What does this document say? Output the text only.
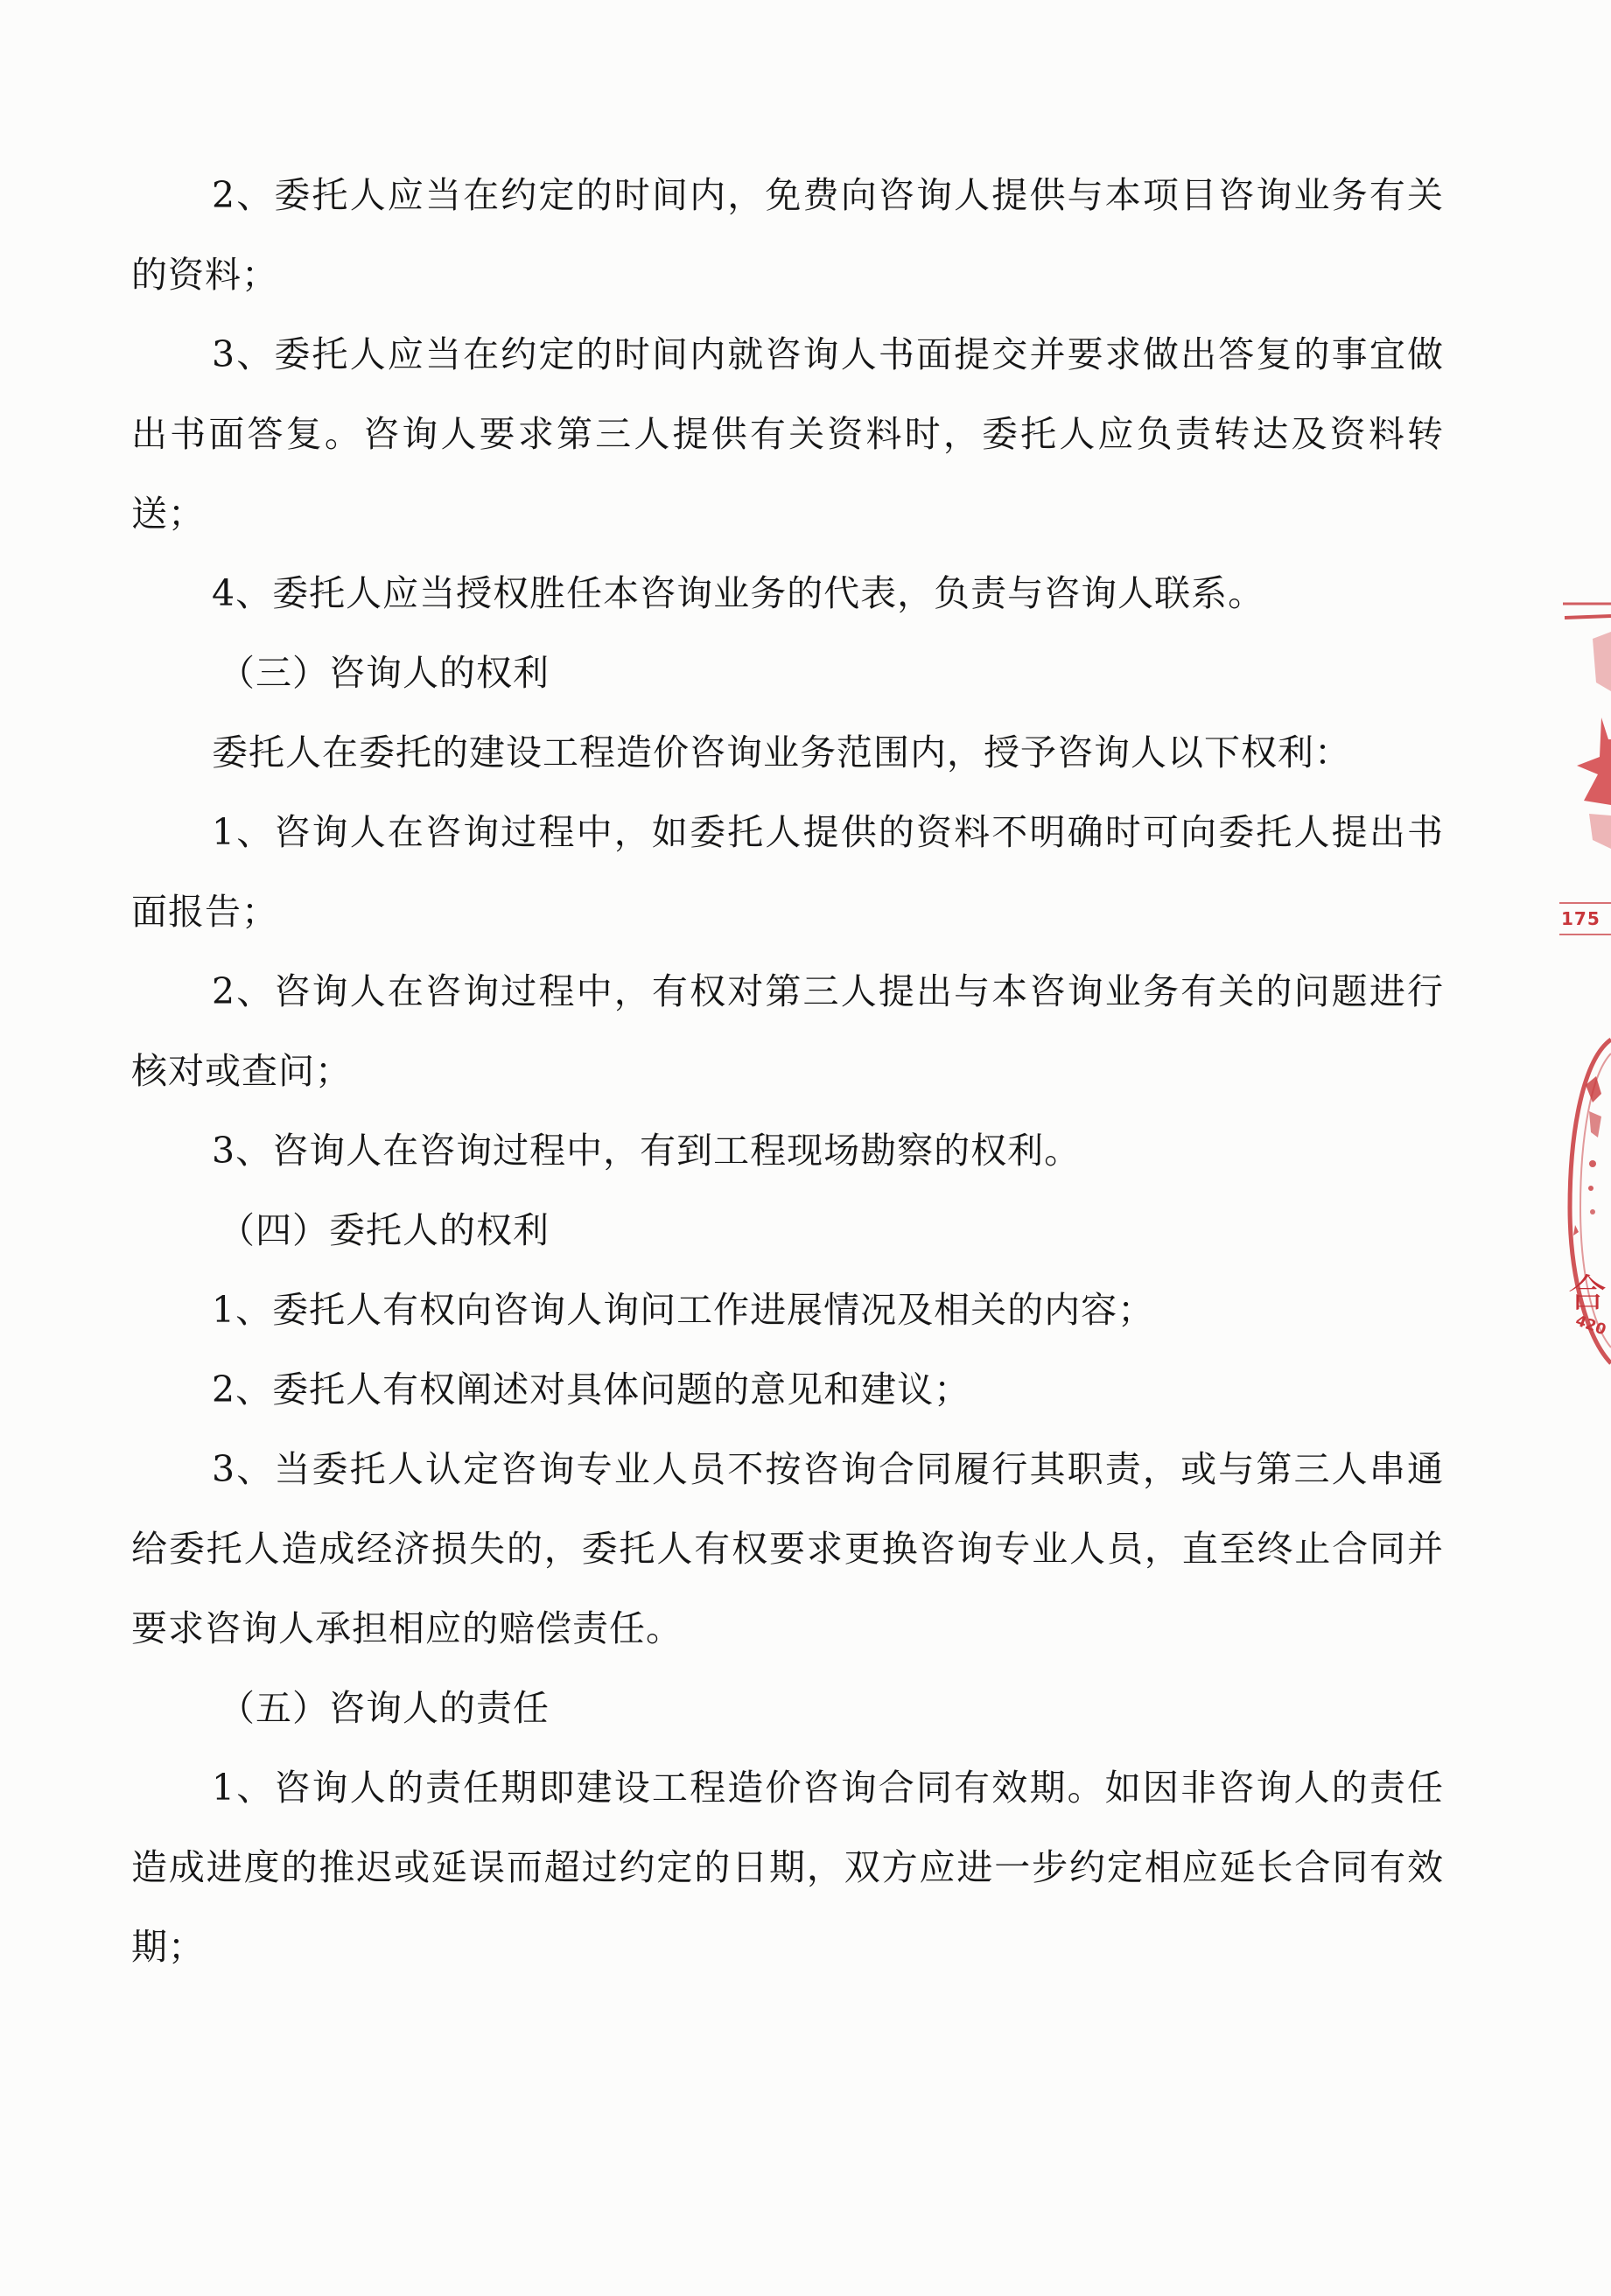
2、委托人应当在约定的时间内，免费向咨询人提供与本项目咨询业务有关的资料；

3、委托人应当在约定的时间内就咨询人书面提交并要求做出答复的事宜做出书面答复。咨询人要求第三人提供有关资料时，委托人应负责转达及资料转送；

4、委托人应当授权胜任本咨询业务的代表，负责与咨询人联系。

（三）咨询人的权利

委托人在委托的建设工程造价咨询业务范围内，授予咨询人以下权利：

1、咨询人在咨询过程中，如委托人提供的资料不明确时可向委托人提出书面报告；

2、咨询人在咨询过程中，有权对第三人提出与本咨询业务有关的问题进行核对或查问；

3、咨询人在咨询过程中，有到工程现场勘察的权利。

（四）委托人的权利

1、委托人有权向咨询人询问工作进展情况及相关的内容；

2、委托人有权阐述对具体问题的意见和建议；

3、当委托人认定咨询专业人员不按咨询合同履行其职责，或与第三人串通给委托人造成经济损失的，委托人有权要求更换咨询专业人员，直至终止合同并要求咨询人承担相应的赔偿责任。

（五）咨询人的责任

1、咨询人的责任期即建设工程造价咨询合同有效期。如因非咨询人的责任造成进度的推迟或延误而超过约定的日期，双方应进一步约定相应延长合同有效期；

175
合
420
